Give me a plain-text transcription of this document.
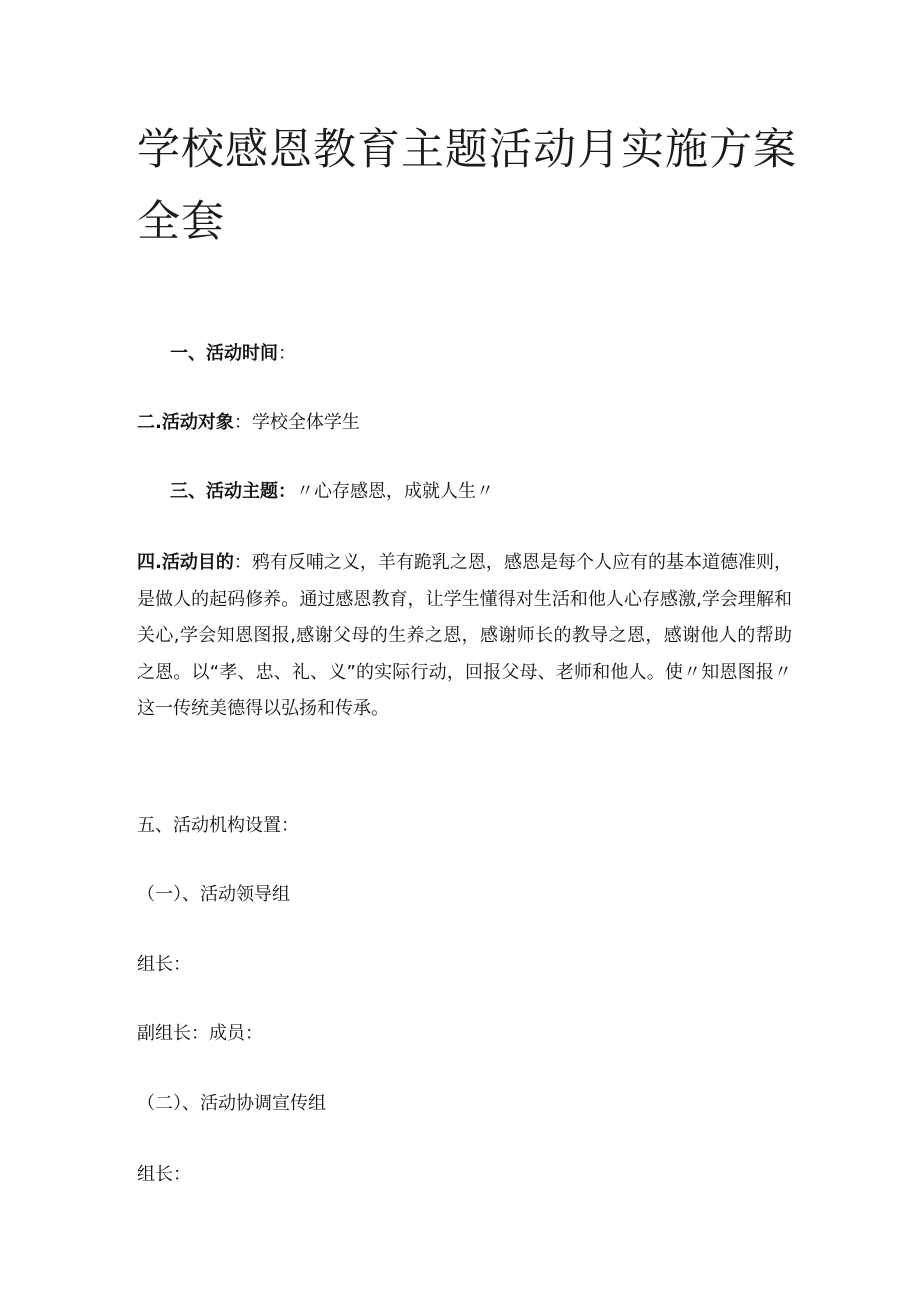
学校感恩教育主题活动月实施方案全套
一、活动时间：
二.活动对象：学校全体学生
三、活动主题：〃心存感恩，成就人生〃

四.活动目的：鸦有反哺之义，羊有跪乳之恩，感恩是每个人应有的基本道德准则，是做人的起码修养。通过感恩教育，让学生懂得对生活和他人心存感激,学会理解和关心,学会知恩图报,感谢父母的生养之恩，感谢师长的教导之恩，感谢他人的帮助之恩。以“孝、忠、礼、义”的实际行动，回报父母、老师和他人。使〃知恩图报〃这一传统美德得以弘扬和传承。

五、活动机构设置：
（一）、活动领导组
组长：
副组长：成员：
（二）、活动协调宣传组
组长：
